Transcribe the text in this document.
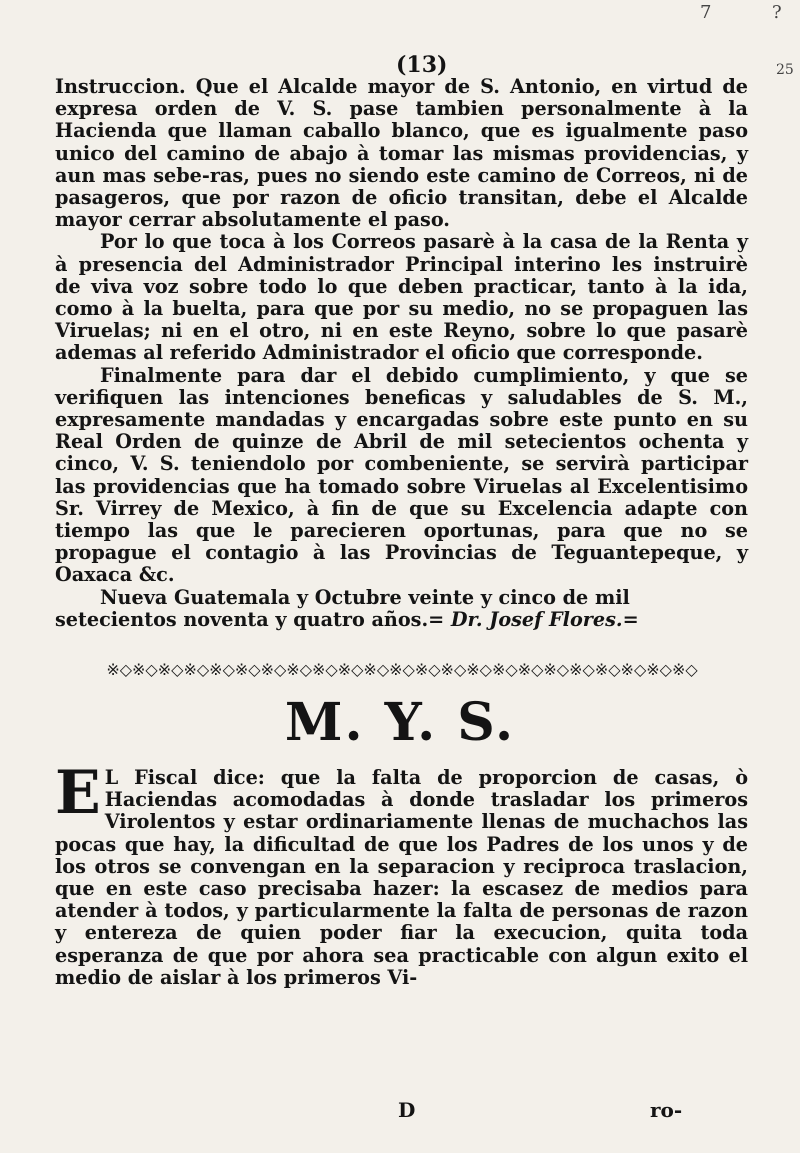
(13)
7	?
25

Instruccion. Que el Alcalde mayor de S. Antonio, en virtud de expresa orden de V. S. pase tambien personalmente à la Hacienda que llaman caballo blanco, que es igualmente paso unico del camino de abajo à tomar las mismas providencias, y aun mas sebe-ras, pues no siendo este camino de Correos, ni de pasageros, que por razon de oficio transitan, debe el Alcalde mayor cerrar absolutamente el paso.

Por lo que toca à los Correos pasarè à la casa de la Renta y à presencia del Administrador Principal interino les instruirè de viva voz sobre todo lo que deben practicar, tanto à la ida, como à la buelta, para que por su medio, no se propaguen las Viruelas; ni en el otro, ni en este Reyno, sobre lo que pasarè ademas al referido Administrador el oficio que corresponde.

Finalmente para dar el debido cumplimiento, y que se verifiquen las intenciones beneficas y saludables de S. M., expresamente mandadas y encargadas sobre este punto en su Real Orden de quinze de Abril de mil setecientos ochenta y cinco, V. S. teniendolo por combeniente, se servirà participar las providencias que ha tomado sobre Viruelas al Excelentisimo Sr. Virrey de Mexico, à fin de que su Excelencia adapte con tiempo las que le parecieren oportunas, para que no se propague el contagio à las Provincias de Teguantepeque, y Oaxaca &c.

Nueva Guatemala y Octubre veinte y cinco de mil setecientos noventa y quatro años.= Dr. Josef Flores.=

※◇※◇※◇※◇※◇※◇※◇※◇※◇※◇※◇※◇※◇※◇※◇※◇※◇※◇※◇※◇※◇※◇※◇
M. Y. S.
E L Fiscal dice: que la falta de proporcion de casas, ò Haciendas acomodadas à donde trasladar los primeros Virolentos y estar ordinariamente llenas de muchachos las pocas que hay, la dificultad de que los Padres de los unos y de los otros se convengan en la separacion y reciproca traslacion, que en este caso precisaba hazer: la escasez de medios para atender à todos, y particularmente la falta de personas de razon y entereza de quien poder fiar la execucion, quita toda esperanza de que por ahora sea practicable con algun exito el medio de aislar à los primeros Vi-
D	ro-
